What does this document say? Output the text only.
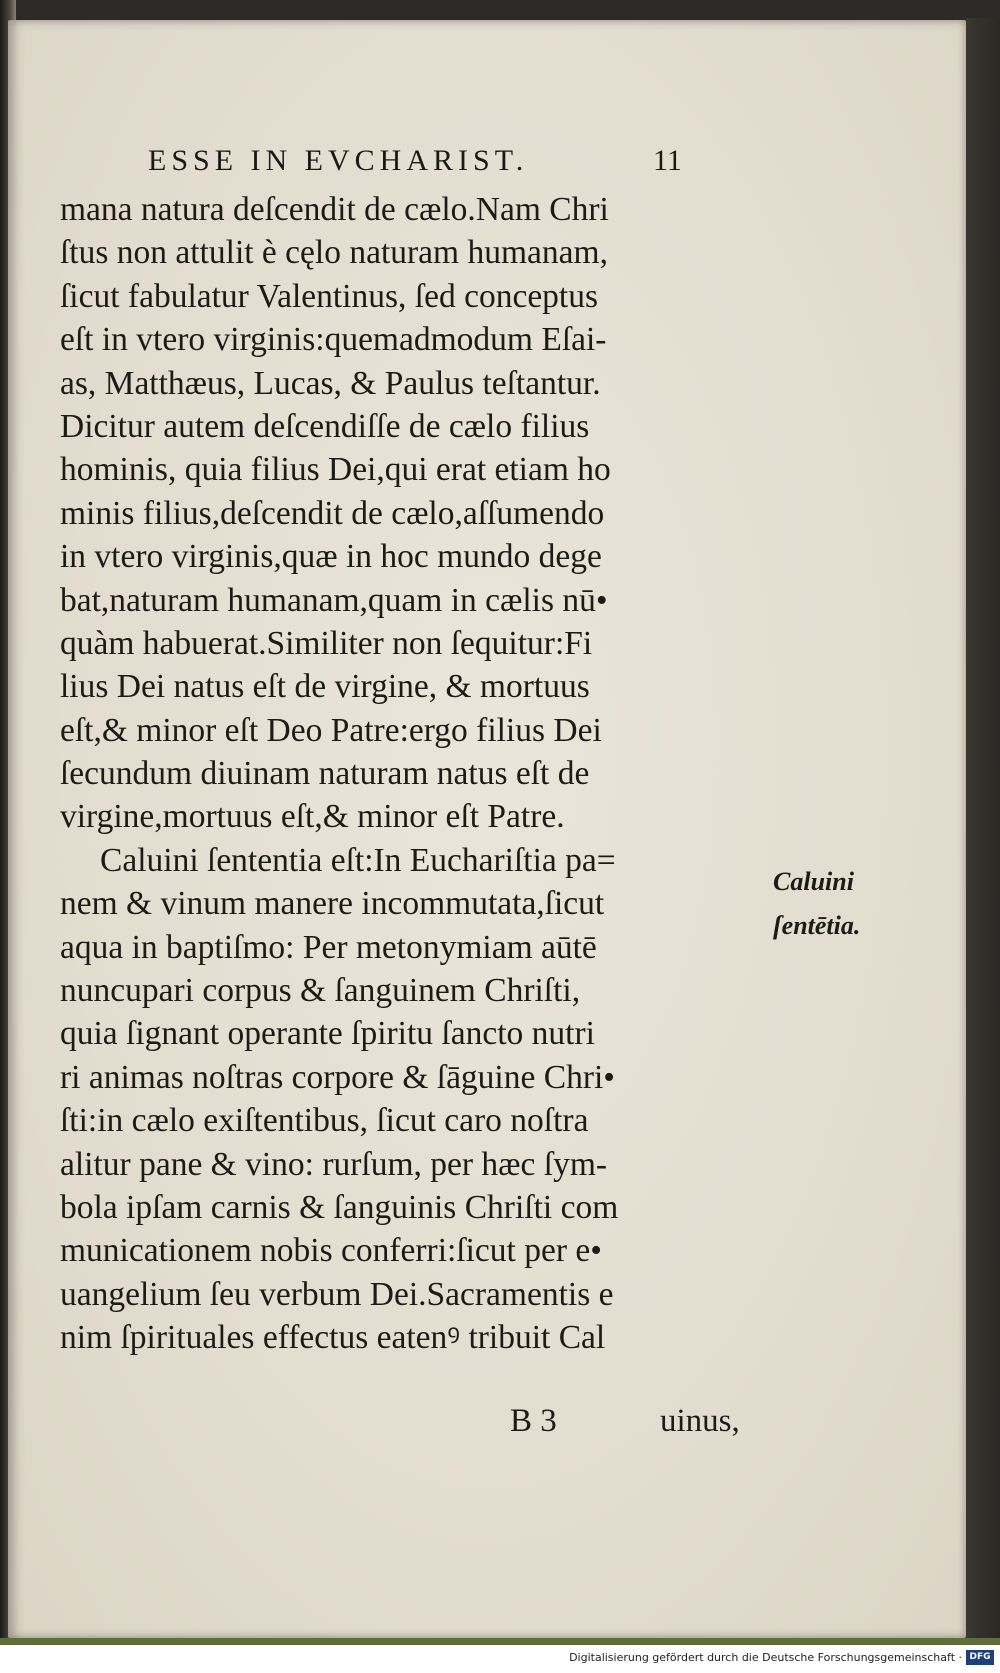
ESSE IN EVCHARIST.	11
mana natura deſcendit de cælo.Nam Chri
ſtus non attulit è cęlo naturam humanam,
ſicut fabulatur Valentinus, ſed conceptus
eſt in vtero virginis:quemadmodum Eſai-
as, Matthæus, Lucas, & Paulus teſtantur.
Dicitur autem deſcendiſſe de cælo filius
hominis, quia filius Dei,qui erat etiam ho
minis filius,deſcendit de cælo,aſſumendo
in vtero virginis,quæ in hoc mundo dege
bat,naturam humanam,quam in cælis nū•
quàm habuerat.Similiter non ſequitur:Fi
lius Dei natus eſt de virgine, & mortuus
eſt,& minor eſt Deo Patre:ergo filius Dei
ſecundum diuinam naturam natus eſt de
virgine,mortuus eſt,& minor eſt Patre.
Caluini ſententia eſt:In Euchariſtia pa=
nem & vinum manere incommutata,ſicut
aqua in baptiſmo: Per metonymiam aūtē
nuncupari corpus & ſanguinem Chriſti,
quia ſignant operante ſpiritu ſancto nutri
ri animas noſtras corpore & ſāguine Chri•
ſti:in cælo exiſtentibus, ſicut caro noſtra
alitur pane & vino: rurſum, per hæc ſym-
bola ipſam carnis & ſanguinis Chriſti com
municationem nobis conferri:ſicut per e•
uangelium ſeu verbum Dei.Sacramentis e
nim ſpirituales effectus eatenꝰ tribuit Cal
Caluini
ſentētia.
B 3	uinus,
Digitalisierung gefördert durch die Deutsche Forschungsgemeinschaft · DFG
